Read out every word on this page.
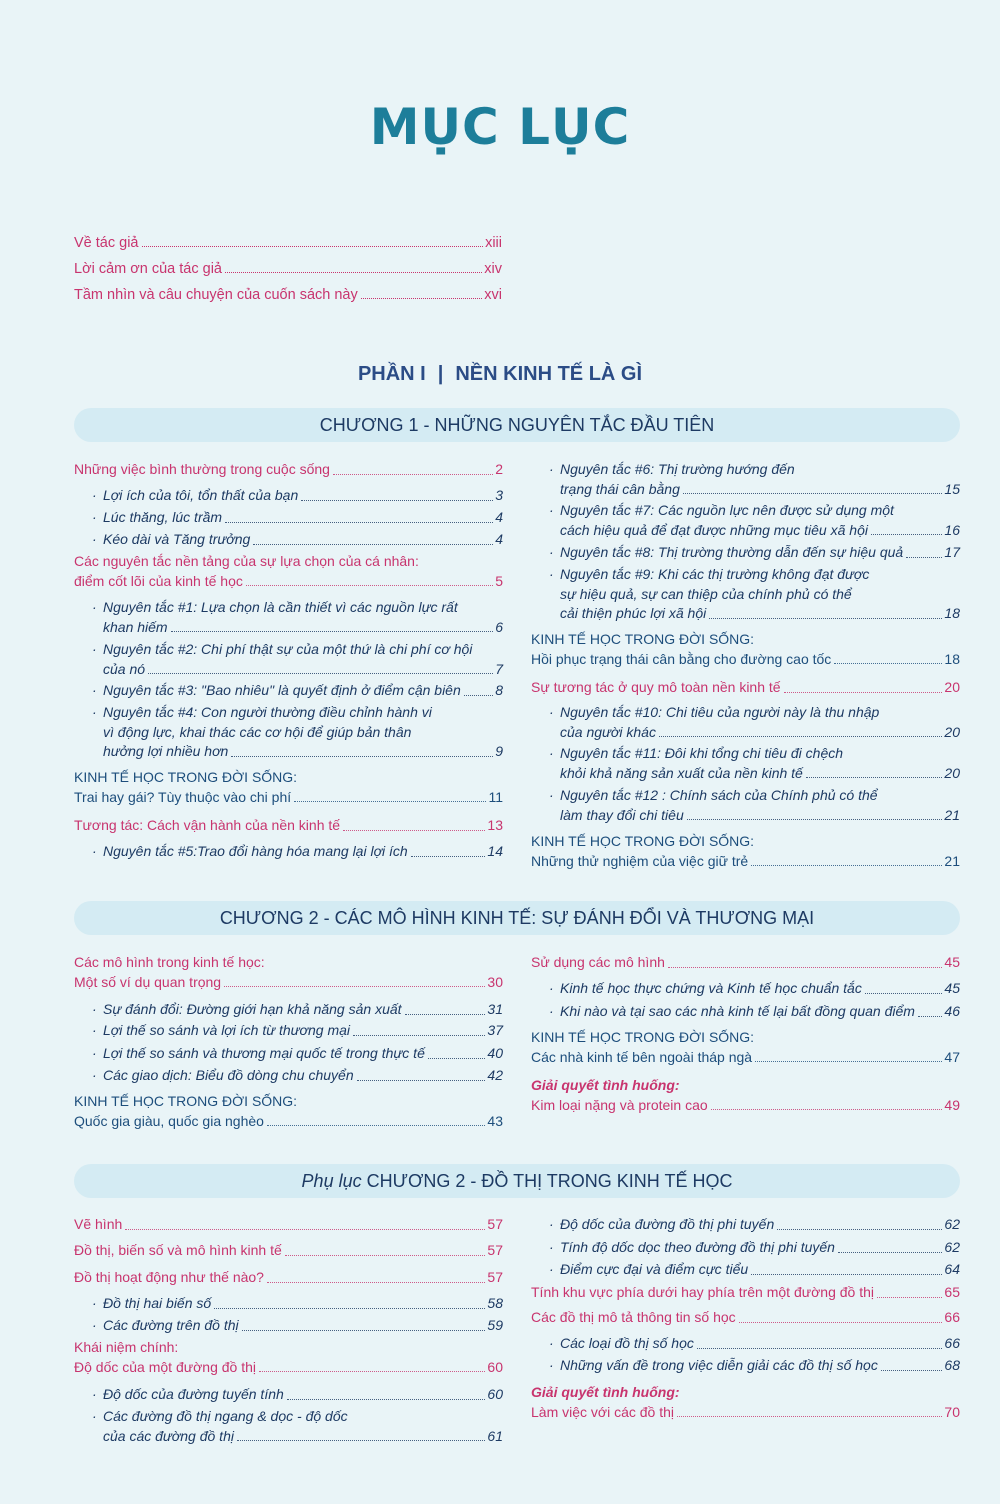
MỤC LỤC
Về tác giả	xiii
Lời cảm ơn của tác giả	xiv
Tầm nhìn và câu chuyện của cuốn sách này	xvi
PHẦN I | NỀN KINH TẾ LÀ GÌ
CHƯƠNG 1 - NHỮNG NGUYÊN TẮC ĐẦU TIÊN
Những việc bình thường trong cuộc sống	2
· Lợi ích của tôi, tổn thất của bạn	3
· Lúc thăng, lúc trầm	4
· Kéo dài và Tăng trưởng	4
Các nguyên tắc nền tảng của sự lựa chọn của cá nhân:
điểm cốt lõi của kinh tế học	5
· Nguyên tắc #1: Lựa chọn là cần thiết vì các nguồn lực rất
khan hiếm	6
· Nguyên tắc #2: Chi phí thật sự của một thứ là chi phí cơ hội
của nó	7
· Nguyên tắc #3: "Bao nhiêu" là quyết định ở điểm cận biên 8
· Nguyên tắc #4: Con người thường điều chỉnh hành vi
vì động lực, khai thác các cơ hội để giúp bản thân
hưởng lợi nhiều hơn	9
KINH TẾ HỌC TRONG ĐỜI SỐNG:
Trai hay gái? Tùy thuộc vào chi phí	11
Tương tác: Cách vận hành của nền kinh tế	13
· Nguyên tắc #5:Trao đổi hàng hóa mang lại lợi ích	14
· Nguyên tắc #6: Thị trường hướng đến
trạng thái cân bằng	15
· Nguyên tắc #7: Các nguồn lực nên được sử dụng một
cách hiệu quả để đạt được những mục tiêu xã hội	16
· Nguyên tắc #8: Thị trường thường dẫn đến sự hiệu quả	17
· Nguyên tắc #9: Khi các thị trường không đạt được
sự hiệu quả, sự can thiệp của chính phủ có thể
cải thiện phúc lợi xã hội	18
KINH TẾ HỌC TRONG ĐỜI SỐNG:
Hồi phục trạng thái cân bằng cho đường cao tốc	18
Sự tương tác ở quy mô toàn nền kinh tế	20
· Nguyên tắc #10: Chi tiêu của người này là thu nhập
của người khác	20
· Nguyên tắc #11: Đôi khi tổng chi tiêu đi chệch
khỏi khả năng sản xuất của nền kinh tế	20
· Nguyên tắc #12 : Chính sách của Chính phủ có thể
làm thay đổi chi tiêu	21
KINH TẾ HỌC TRONG ĐỜI SỐNG:
Những thử nghiệm của việc giữ trẻ	21
CHƯƠNG 2 - CÁC MÔ HÌNH KINH TẾ: SỰ ĐÁNH ĐỔI VÀ THƯƠNG MẠI
Các mô hình trong kinh tế học:
Một số ví dụ quan trọng	30
· Sự đánh đổi: Đường giới hạn khả năng sản xuất	31
· Lợi thế so sánh và lợi ích từ thương mại	37
· Lợi thế so sánh và thương mại quốc tế trong thực tế	40
· Các giao dịch: Biểu đồ dòng chu chuyển	42
KINH TẾ HỌC TRONG ĐỜI SỐNG:
Quốc gia giàu, quốc gia nghèo	43
Sử dụng các mô hình	45
· Kinh tế học thực chứng và Kinh tế học chuẩn tắc	45
· Khi nào và tại sao các nhà kinh tế lại bất đồng quan điểm 46
KINH TẾ HỌC TRONG ĐỜI SỐNG:
Các nhà kinh tế bên ngoài tháp ngà	47
Giải quyết tình huống:
Kim loại nặng và protein cao	49
Phụ lục CHƯƠNG 2 - ĐỒ THỊ TRONG KINH TẾ HỌC
Vẽ hình	57
Đồ thị, biến số và mô hình kinh tế	57
Đồ thị hoạt động như thế nào?	57
· Đồ thị hai biến số	58
· Các đường trên đồ thị	59
Khái niệm chính:
Độ dốc của một đường đồ thị	60
· Độ dốc của đường tuyến tính	60
· Các đường đồ thị ngang & dọc - độ dốc
của các đường đồ thị	61
· Độ dốc của đường đồ thị phi tuyến	62
· Tính độ dốc dọc theo đường đồ thị phi tuyến	62
· Điểm cực đại và điểm cực tiểu	64
Tính khu vực phía dưới hay phía trên một đường đồ thị	65
Các đồ thị mô tả thông tin số học	66
· Các loại đồ thị số học	66
· Những vấn đề trong việc diễn giải các đồ thị số học	68
Giải quyết tình huống:
Làm việc với các đồ thị	70
